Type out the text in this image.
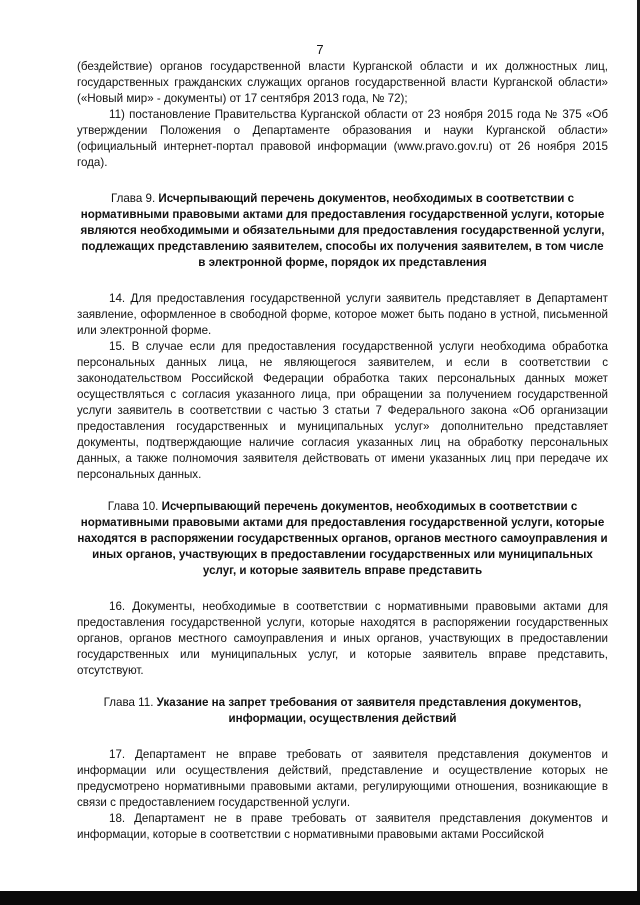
7

(бездействие) органов государственной власти Курганской области и их должностных лиц, государственных гражданских служащих органов государственной власти Курганской области» («Новый мир» - документы) от 17 сентября 2013 года, № 72);

11) постановление Правительства Курганской области от 23 ноября 2015 года № 375 «Об утверждении Положения о Департаменте образования и науки Курганской области» (официальный интернет-портал правовой информации (www.pravo.gov.ru) от 26 ноября 2015 года).

Глава 9. Исчерпывающий перечень документов, необходимых в соответствии с нормативными правовыми актами для предоставления государственной услуги, которые являются необходимыми и обязательными для предоставления государственной услуги, подлежащих представлению заявителем, способы их получения заявителем, в том числе в электронной форме, порядок их представления

14. Для предоставления государственной услуги заявитель представляет в Департамент заявление, оформленное в свободной форме, которое может быть подано в устной, письменной или электронной форме.

15. В случае если для предоставления государственной услуги необходима обработка персональных данных лица, не являющегося заявителем, и если в соответствии с законодательством Российской Федерации обработка таких персональных данных может осуществляться с согласия указанного лица, при обращении за получением государственной услуги заявитель в соответствии с частью 3 статьи 7 Федерального закона «Об организации предоставления государственных и муниципальных услуг» дополнительно представляет документы, подтверждающие наличие согласия указанных лиц на обработку персональных данных, а также полномочия заявителя действовать от имени указанных лиц при передаче их персональных данных.

Глава 10. Исчерпывающий перечень документов, необходимых в соответствии с нормативными правовыми актами для предоставления государственной услуги, которые находятся в распоряжении государственных органов, органов местного самоуправления и иных органов, участвующих в предоставлении государственных или муниципальных услуг, и которые заявитель вправе представить

16. Документы, необходимые в соответствии с нормативными правовыми актами для предоставления государственной услуги, которые находятся в распоряжении государственных органов, органов местного самоуправления и иных органов, участвующих в предоставлении государственных или муниципальных услуг, и которые заявитель вправе представить, отсутствуют.

Глава 11. Указание на запрет требования от заявителя представления документов, информации, осуществления действий

17. Департамент не вправе требовать от заявителя представления документов и информации или осуществления действий, представление и осуществление которых не предусмотрено нормативными правовыми актами, регулирующими отношения, возникающие в связи с предоставлением государственной услуги.

18. Департамент не в праве требовать от заявителя представления документов и информации, которые в соответствии с нормативными правовыми актами Российской
